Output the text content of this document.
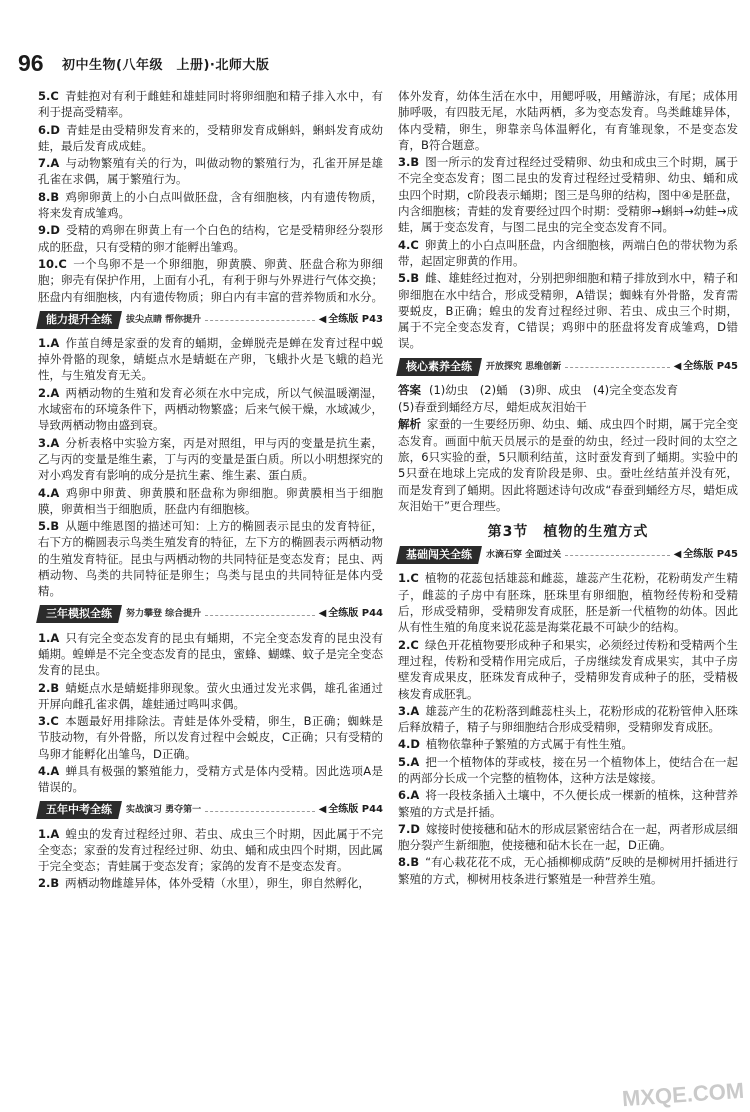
96 初中生物(八年级　上册)·北师大版
5.C 青蛙抱对有利于雌蛙和雄蛙同时将卵细胞和精子排入水中，有利于提高受精率。
6.D 青蛙是由受精卵发育来的，受精卵发育成蝌蚪，蝌蚪发育成幼蛙，最后发育成成蛙。
7.A 与动物繁殖有关的行为，叫做动物的繁殖行为，孔雀开屏是雄孔雀在求偶，属于繁殖行为。
8.B 鸡卵卵黄上的小白点叫做胚盘，含有细胞核，内有遗传物质，将来发育成雏鸡。
9.D 受精的鸡卵在卵黄上有一个白色的结构，它是受精卵经分裂形成的胚盘，只有受精的卵才能孵出雏鸡。
10.C 一个鸟卵不是一个卵细胞，卵黄膜、卵黄、胚盘合称为卵细胞；卵壳有保护作用，上面有小孔，有利于卵与外界进行气体交换；胚盘内有细胞核，内有遗传物质；卵白内有丰富的营养物质和水分。
能力提升全练	拔尖点睛 帮你提升	◀ 全练版 P43
1.A 作茧自缚是家蚕的发育的蛹期，金蝉脱壳是蝉在发育过程中蜕掉外骨骼的现象，蜻蜓点水是蜻蜓在产卵，飞蛾扑火是飞蛾的趋光性，与生殖发育无关。
2.A 两栖动物的生殖和发育必须在水中完成，所以气候温暖潮湿，水域密布的环境条件下，两栖动物繁盛；后来气候干燥，水域减少，导致两栖动物由盛到衰。
3.A 分析表格中实验方案，丙是对照组，甲与丙的变量是抗生素，乙与丙的变量是维生素，丁与丙的变量是蛋白质。所以小明想探究的对小鸡发育有影响的成分是抗生素、维生素、蛋白质。
4.A 鸡卵中卵黄、卵黄膜和胚盘称为卵细胞。卵黄膜相当于细胞膜，卵黄相当于细胞质，胚盘内有细胞核。
5.B 从题中维恩图的描述可知：上方的椭圆表示昆虫的发育特征，右下方的椭圆表示鸟类生殖发育的特征，左下方的椭圆表示两栖动物的生殖发育特征。昆虫与两栖动物的共同特征是变态发育；昆虫、两栖动物、鸟类的共同特征是卵生；鸟类与昆虫的共同特征是体内受精。
三年模拟全练	努力攀登 综合提升	◀ 全练版 P44
1.A 只有完全变态发育的昆虫有蛹期，不完全变态发育的昆虫没有蛹期。蝗蝉是不完全变态发育的昆虫，蜜蜂、蝴蝶、蚊子是完全变态发育的昆虫。
2.B 蜻蜓点水是蜻蜓排卵现象。萤火虫通过发光求偶，雄孔雀通过开屏向雌孔雀求偶，雄蛙通过鸣叫求偶。
3.C 本题最好用排除法。青蛙是体外受精，卵生，B正确；蜘蛛是节肢动物，有外骨骼，所以发育过程中会蜕皮，C正确；只有受精的鸟卵才能孵化出雏鸟，D正确。
4.A 蝉具有极强的繁殖能力，受精方式是体内受精。因此选项A是错误的。
五年中考全练	实战演习 勇夺第一	◀ 全练版 P44
1.A 蝗虫的发育过程经过卵、若虫、成虫三个时期，因此属于不完全变态；家蚕的发育过程经过卵、幼虫、蛹和成虫四个时期，因此属于完全变态；青蛙属于变态发育；家鸽的发育不是变态发育。
2.B 两栖动物雌雄异体，体外受精（水里），卵生，卵自然孵化，
体外发育，幼体生活在水中，用鳃呼吸，用鳍游泳，有尾；成体用肺呼吸，有四肢无尾，水陆两栖，多为变态发育。鸟类雌雄异体，体内受精，卵生，卵靠亲鸟体温孵化，有育雏现象，不是变态发育，B符合题意。
3.B 图一所示的发育过程经过受精卵、幼虫和成虫三个时期，属于不完全变态发育；图二昆虫的发育过程经过受精卵、幼虫、蛹和成虫四个时期，c阶段表示蛹期；图三是鸟卵的结构，图中④是胚盘，内含细胞核；青蛙的发育要经过四个时期：受精卵→蝌蚪→幼蛙→成蛙，属于变态发育，与图二昆虫的完全变态发育不同。
4.C 卵黄上的小白点叫胚盘，内含细胞核，两端白色的带状物为系带，起固定卵黄的作用。
5.B 雌、雄蛙经过抱对，分别把卵细胞和精子排放到水中，精子和卵细胞在水中结合，形成受精卵，A错误；蜘蛛有外骨骼，发育需要蜕皮，B正确；蝗虫的发育过程经过卵、若虫、成虫三个时期，属于不完全变态发育，C错误；鸡卵中的胚盘将发育成雏鸡，D错误。
核心素养全练	开放探究 思维创新	◀ 全练版 P45
答案 (1)幼虫　(2)蛹　(3)卵、成虫　(4)完全变态发育
(5)春蚕到蛹经方尽，蜡炬成灰泪始干
解析 家蚕的一生要经历卵、幼虫、蛹、成虫四个时期，属于完全变态发育。画面中航天员展示的是蚕的幼虫，经过一段时间的太空之旅，6只实验的蚕，5只顺利结茧，这时蚕发育到了蛹期。实验中的5只蚕在地球上完成的发育阶段是卵、虫。蚕吐丝结茧并没有死，而是发育到了蛹期。因此将题述诗句改成“春蚕到蛹经方尽，蜡炬成灰泪始干”更合理些。
第3节　植物的生殖方式
基础闯关全练	水滴石穿 全面过关	◀ 全练版 P45
1.C 植物的花蕊包括雄蕊和雌蕊，雄蕊产生花粉，花粉萌发产生精子，雌蕊的子房中有胚珠，胚珠里有卵细胞，植物经传粉和受精后，形成受精卵，受精卵发育成胚，胚是新一代植物的幼体。因此从有性生殖的角度来说花蕊是海棠花最不可缺少的结构。
2.C 绿色开花植物要形成种子和果实，必须经过传粉和受精两个生理过程，传粉和受精作用完成后，子房继续发育成果实，其中子房壁发育成果皮，胚珠发育成种子，受精卵发育成种子的胚，受精极核发育成胚乳。
3.A 雄蕊产生的花粉落到雌蕊柱头上，花粉形成的花粉管伸入胚珠后释放精子，精子与卵细胞结合形成受精卵，受精卵发育成胚。
4.D 植物依靠种子繁殖的方式属于有性生殖。
5.A 把一个植物体的芽或枝，接在另一个植物体上，使结合在一起的两部分长成一个完整的植物体，这种方法是嫁接。
6.A 将一段枝条插入土壤中，不久便长成一棵新的植株，这种营养繁殖的方式是扦插。
7.D 嫁接时使接穗和砧木的形成层紧密结合在一起，两者形成层细胞分裂产生新细胞，使接穗和砧木长在一起，D正确。
8.B “有心栽花花不成，无心插柳柳成荫”反映的是柳树用扦插进行繁殖的方式，柳树用枝条进行繁殖是一种营养生殖。
MXQE.COM
